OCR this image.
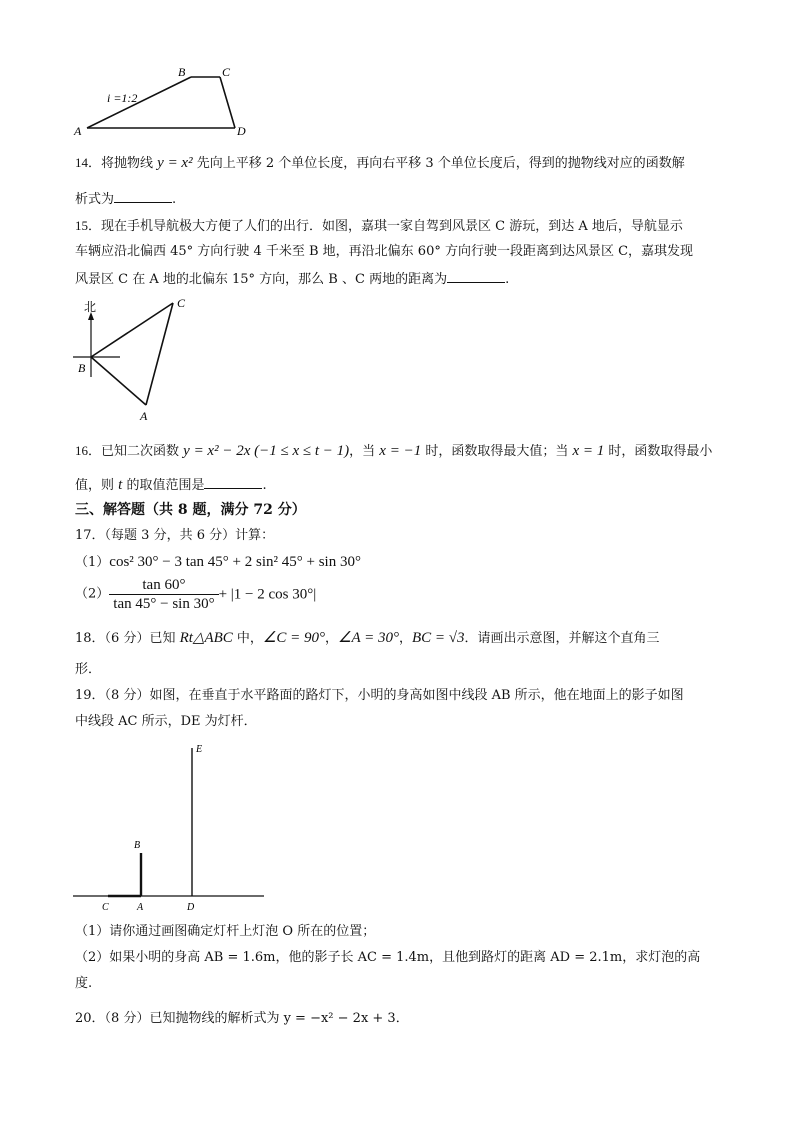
B	C
A	D
i =1:2
14．将抛物线 y = x² 先向上平移 2 个单位长度，再向右平移 3 个单位长度后，得到的抛物线对应的函数解
析式为	.
15．现在手机导航极大方便了人们的出行．如图，嘉琪一家自驾到风景区 C 游玩，到达 A 地后，导航显示
车辆应沿北偏西 45° 方向行驶 4 千米至 B 地，再沿北偏东 60° 方向行驶一段距离到达风景区 C，嘉琪发现
风景区 C 在 A 地的北偏东 15° 方向，那么 B 、C 两地的距离为	.
北
B
C
A
16．已知二次函数 y = x² − 2x (−1 ≤ x ≤ t − 1)，当 x = −1 时，函数取得最大值；当 x = 1 时，函数取得最小
值，则 t 的取值范围是	.
三、解答题（共 8 题，满分 72 分）
17．（每题 3 分，共 6 分）计算：
（1）cos² 30° − 3 tan 45° + 2 sin² 45° + sin 30°
$(2) \frac{\tan 60^\circ}{\tan 45^\circ - \sin 30^\circ} + |1 - 2$ cos 30°|
18．（6 分）已知 Rt△ABC 中，∠C = 90°，∠A = 30°，BC = √3．请画出示意图，并解这个直角三
形．
19．（8 分）如图，在垂直于水平路面的路灯下，小明的身高如图中线段 AB 所示，他在地面上的影子如图
中线段 AC 所示，DE 为灯杆．
E
B
C	A	D
（1）请你通过画图确定灯杆上灯泡 O 所在的位置；
（2）如果小明的身高 AB = 1.6m，他的影子长 AC = 1.4m，且他到路灯的距离 AD = 2.1m，求灯泡的高
度.
20．（8 分）已知抛物线的解析式为 y = −x² − 2x + 3．
